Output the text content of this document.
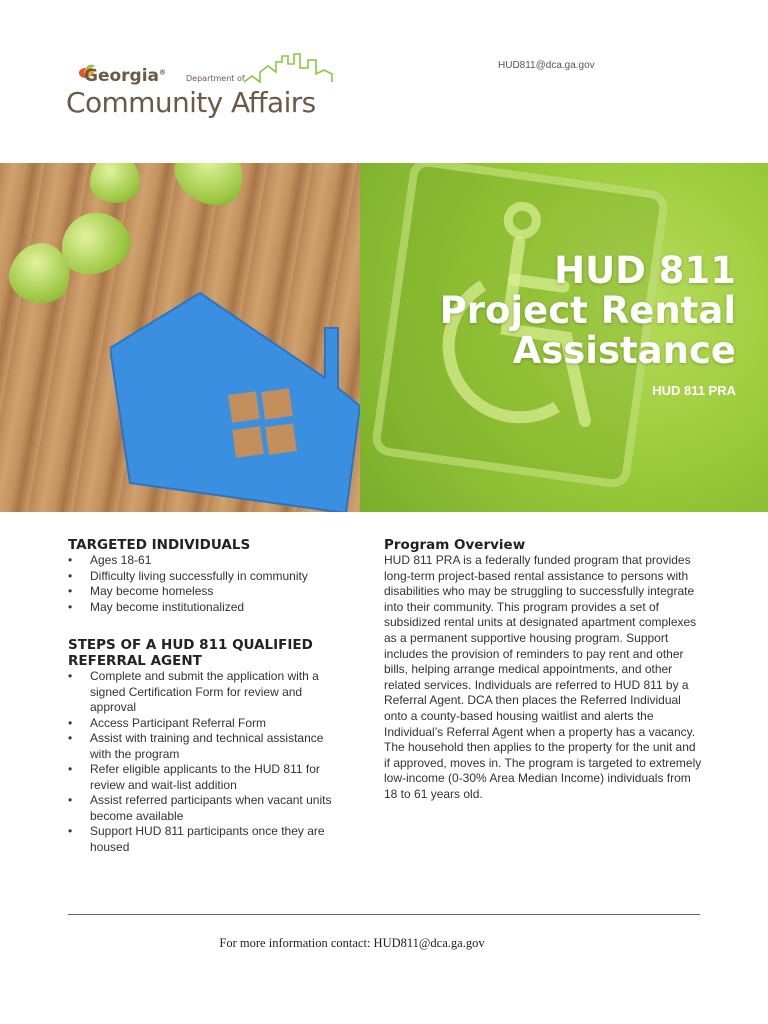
Georgia®
Department of
Community Affairs
HUD811@dca.ga.gov
HUD 811
Project Rental
Assistance
HUD 811 PRA
TARGETED INDIVIDUALS
• Ages 18-61
• Difficulty living successfully in community
• May become homeless
• May become institutionalized
STEPS OF A HUD 811 QUALIFIED REFERRAL AGENT
• Complete and submit the application with a signed Certification Form for review and approval
• Access Participant Referral Form
• Assist with training and technical assistance with the program
• Refer eligible applicants to the HUD 811 for review and wait-list addition
• Assist referred participants when vacant units become available
• Support HUD 811 participants once they are housed
Program Overview

HUD 811 PRA is a federally funded program that provides long-term project-based rental assistance to persons with disabilities who may be struggling to successfully integrate into their community. This program provides a set of subsidized rental units at designated apartment complexes as a permanent supportive housing program. Support includes the provision of reminders to pay rent and other bills, helping arrange medical appointments, and other related services. Individuals are referred to HUD 811 by a Referral Agent. DCA then places the Referred Individual onto a county-based housing waitlist and alerts the Individual’s Referral Agent when a property has a vacancy. The household then applies to the property for the unit and if approved, moves in. The program is targeted to extremely low-income (0-30% Area Median Income) individuals from 18 to 61 years old.

For more information contact: HUD811@dca.ga.gov
